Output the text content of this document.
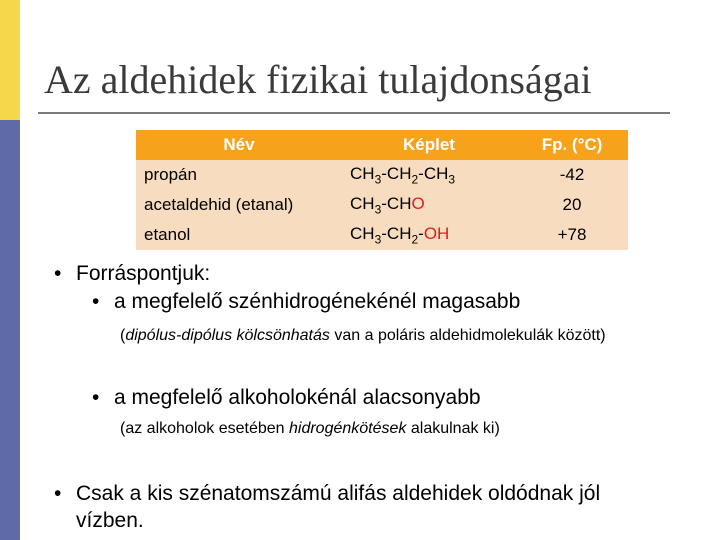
Az aldehidek fizikai tulajdonságai
Név	Képlet	Fp. (°C)
propán	$CH_3-CH_2-CH_3$	-42
acetaldehid (etanal)	$CH_3$-CHO	20
etanol	$CH_3-CH_2-OH$	+78
• Forráspontjuk:
• a megfelelő szénhidrogénekénél magasabb
(dipólus-dipólus kölcsönhatás van a poláris aldehidmolekulák között)
• a megfelelő alkoholokénál alacsonyabb
(az alkoholok esetében hidrogénkötések alakulnak ki)
• Csak a kis szénatomszámú alifás aldehidek oldódnak jól
vízben.
